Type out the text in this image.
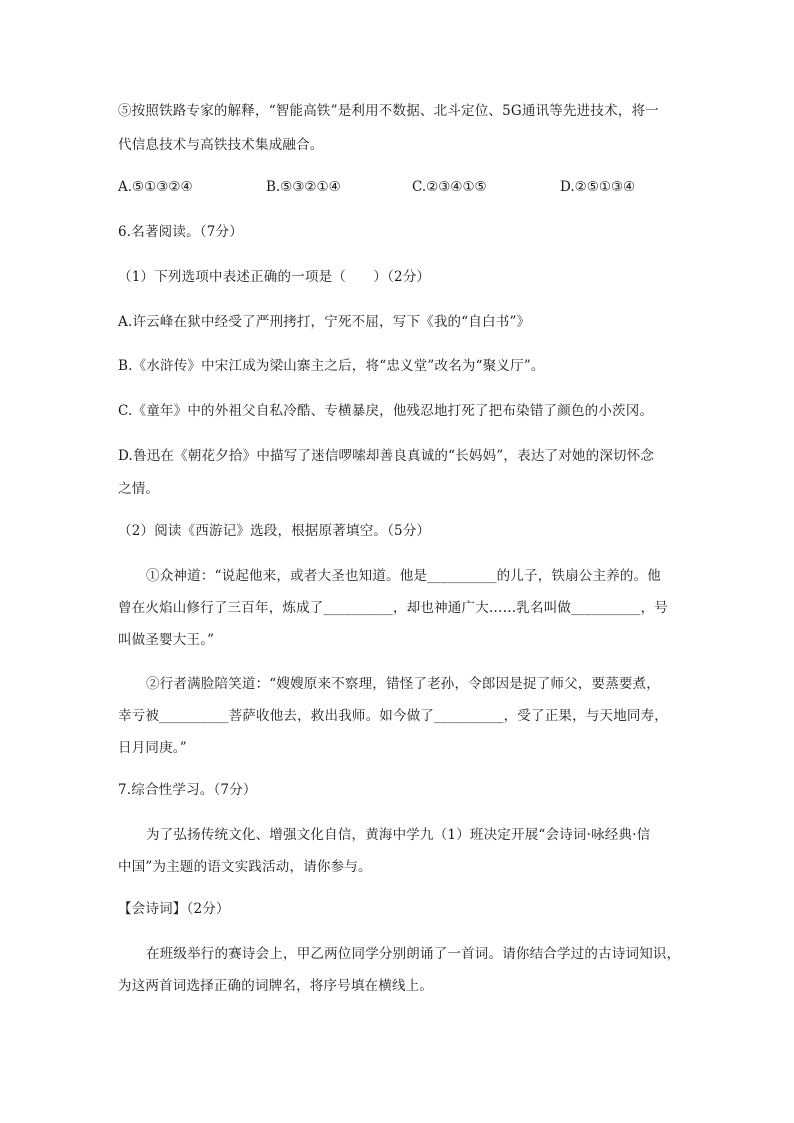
⑤按照铁路专家的解释，“智能高铁”是利用不数据、北斗定位、5G通讯等先进技术，将一
代信息技术与高铁技术集成融合。
A.⑤①③②④	B.⑤③②①④	C.②③④①⑤	D.②⑤①③④
6.名著阅读。（7分）
（1）下列选项中表述正确的一项是（　　）（2分）
A.许云峰在狱中经受了严刑拷打，宁死不屈，写下《我的“自白书”》
B.《水浒传》中宋江成为梁山寨主之后，将“忠义堂”改名为“聚义厅”。
C.《童年》中的外祖父自私冷酷、专横暴戾，他残忍地打死了把布染错了颜色的小茨冈。
D.鲁迅在《朝花夕拾》中描写了迷信啰嗦却善良真诚的“长妈妈”，表达了对她的深切怀念
之情。
（2）阅读《西游记》选段，根据原著填空。（5分）
①众神道：“说起他来，或者大圣也知道。他是__________的儿子，铁扇公主养的。他
曾在火焰山修行了三百年，炼成了__________，却也神通广大……乳名叫做__________，号
叫做圣婴大王。”
②行者满脸陪笑道：“嫂嫂原来不察理，错怪了老孙，令郎因是捉了师父，要蒸要煮，
幸亏被__________菩萨收他去，救出我师。如今做了__________，受了正果，与天地同寿，
日月同庚。”
7.综合性学习。（7分）
为了弘扬传统文化、增强文化自信，黄海中学九（1）班决定开展“会诗词·咏经典·信
中国”为主题的语文实践活动，请你参与。
【会诗词】（2分）
在班级举行的赛诗会上，甲乙两位同学分别朗诵了一首词。请你结合学过的古诗词知识，
为这两首词选择正确的词牌名，将序号填在横线上。
